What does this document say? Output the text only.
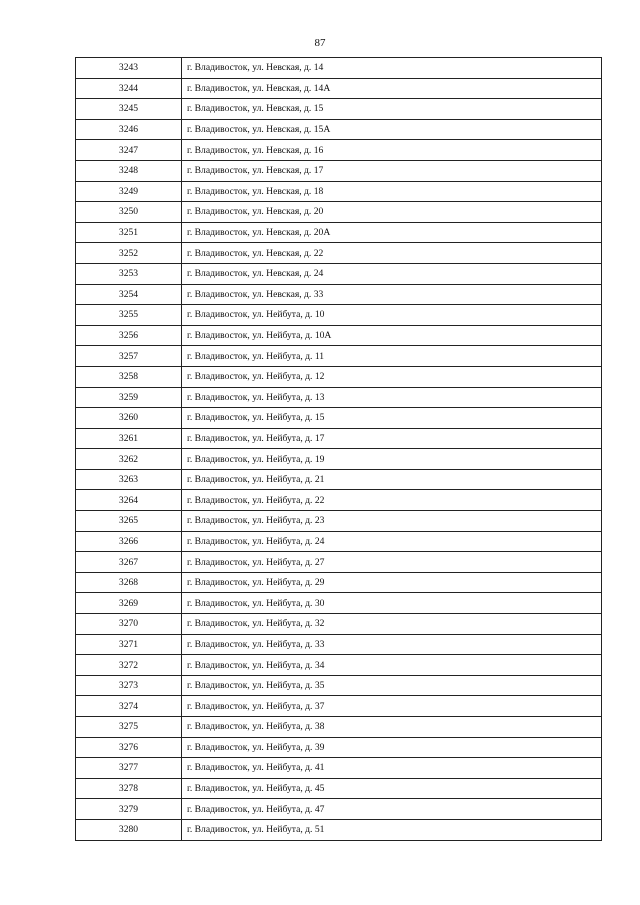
87
3243	г. Владивосток, ул. Невская, д. 14
3244	г. Владивосток, ул. Невская, д. 14А
3245	г. Владивосток, ул. Невская, д. 15
3246	г. Владивосток, ул. Невская, д. 15А
3247	г. Владивосток, ул. Невская, д. 16
3248	г. Владивосток, ул. Невская, д. 17
3249	г. Владивосток, ул. Невская, д. 18
3250	г. Владивосток, ул. Невская, д. 20
3251	г. Владивосток, ул. Невская, д. 20А
3252	г. Владивосток, ул. Невская, д. 22
3253	г. Владивосток, ул. Невская, д. 24
3254	г. Владивосток, ул. Невская, д. 33
3255	г. Владивосток, ул. Нейбута, д. 10
3256	г. Владивосток, ул. Нейбута, д. 10А
3257	г. Владивосток, ул. Нейбута, д. 11
3258	г. Владивосток, ул. Нейбута, д. 12
3259	г. Владивосток, ул. Нейбута, д. 13
3260	г. Владивосток, ул. Нейбута, д. 15
3261	г. Владивосток, ул. Нейбута, д. 17
3262	г. Владивосток, ул. Нейбута, д. 19
3263	г. Владивосток, ул. Нейбута, д. 21
3264	г. Владивосток, ул. Нейбута, д. 22
3265	г. Владивосток, ул. Нейбута, д. 23
3266	г. Владивосток, ул. Нейбута, д. 24
3267	г. Владивосток, ул. Нейбута, д. 27
3268	г. Владивосток, ул. Нейбута, д. 29
3269	г. Владивосток, ул. Нейбута, д. 30
3270	г. Владивосток, ул. Нейбута, д. 32
3271	г. Владивосток, ул. Нейбута, д. 33
3272	г. Владивосток, ул. Нейбута, д. 34
3273	г. Владивосток, ул. Нейбута, д. 35
3274	г. Владивосток, ул. Нейбута, д. 37
3275	г. Владивосток, ул. Нейбута, д. 38
3276	г. Владивосток, ул. Нейбута, д. 39
3277	г. Владивосток, ул. Нейбута, д. 41
3278	г. Владивосток, ул. Нейбута, д. 45
3279	г. Владивосток, ул. Нейбута, д. 47
3280	г. Владивосток, ул. Нейбута, д. 51
